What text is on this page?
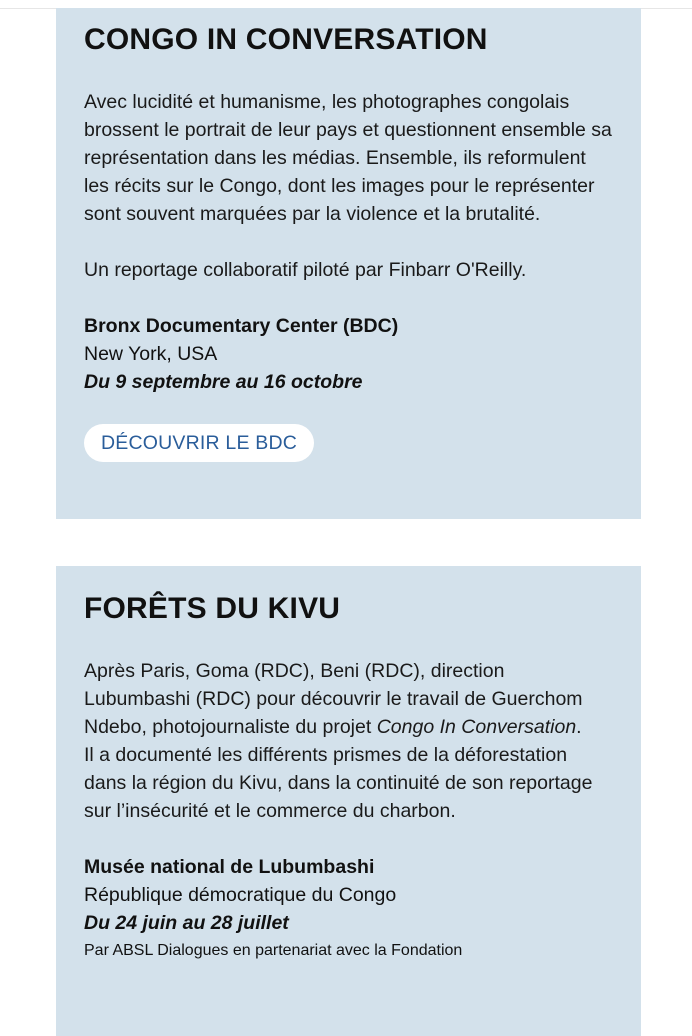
CONGO IN CONVERSATION

Avec lucidité et humanisme, les photographes congolais brossent le portrait de leur pays et questionnent ensemble sa représentation dans les médias. Ensemble, ils reformulent les récits sur le Congo, dont les images pour le représenter sont souvent marquées par la violence et la brutalité.

Un reportage collaboratif piloté par Finbarr O'Reilly.

Bronx Documentary Center (BDC)

New York, USA

Du 9 septembre au 16 octobre

DÉCOUVRIR LE BDC
FORÊTS DU KIVU

Après Paris, Goma (RDC), Beni (RDC), direction Lubumbashi (RDC) pour découvrir le travail de Guerchom Ndebo, photojournaliste du projet Congo In Conversation.
Il a documenté les différents prismes de la déforestation dans la région du Kivu, dans la continuité de son reportage sur l’insécurité et le commerce du charbon.

Musée national de Lubumbashi

République démocratique du Congo

Du 24 juin au 28 juillet

Par ABSL Dialogues en partenariat avec la Fondation
